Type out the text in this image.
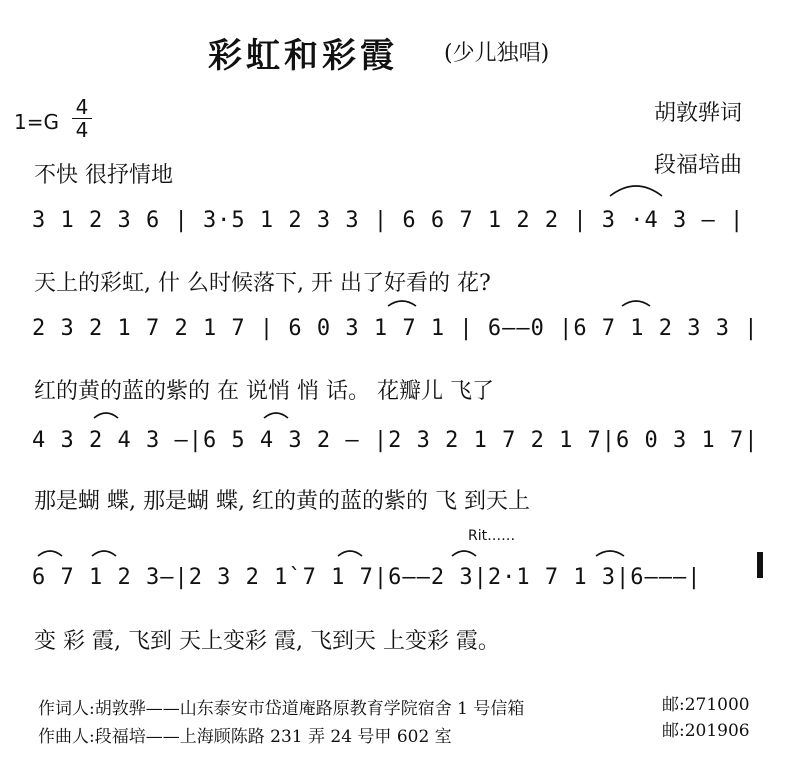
彩虹和彩霞 (少儿独唱)
1=G
4
4
胡敦骅词
段福培曲
不快 很抒情地
3 1 2 3 6 | 3·5 1 2 3 3 | 6 6 7 1 2 2 | 3 ·4 3 — |
天上的彩虹, 什 么时候落下, 开 出了好看的 花?
2 3 2 1 7 2 1 7 | 6 0 3 1 7 1 | 6——0 |6 7 1 2 3 3 |
红的黄的蓝的紫的 在 说悄 悄 话。 花瓣儿 飞了
4 3 2 4 3 —|6 5 4 3 2 — |2 3 2 1 7 2 1 7|6 0 3 1 7|
那是蝴 蝶, 那是蝴 蝶, 红的黄的蓝的紫的 飞 到天上
Rit……
6 7 1 2 3—|2 3 2 1`7 1 7|6——2 3|2·1 7 1 3|6———|
变 彩 霞, 飞到 天上变彩 霞, 飞到天 上变彩 霞。
作词人:胡敦骅——山东泰安市岱道庵路原教育学院宿舍 1 号信箱	邮:271000
作曲人:段福培——上海顾陈路 231 弄 24 号甲 602 室	邮:201906
